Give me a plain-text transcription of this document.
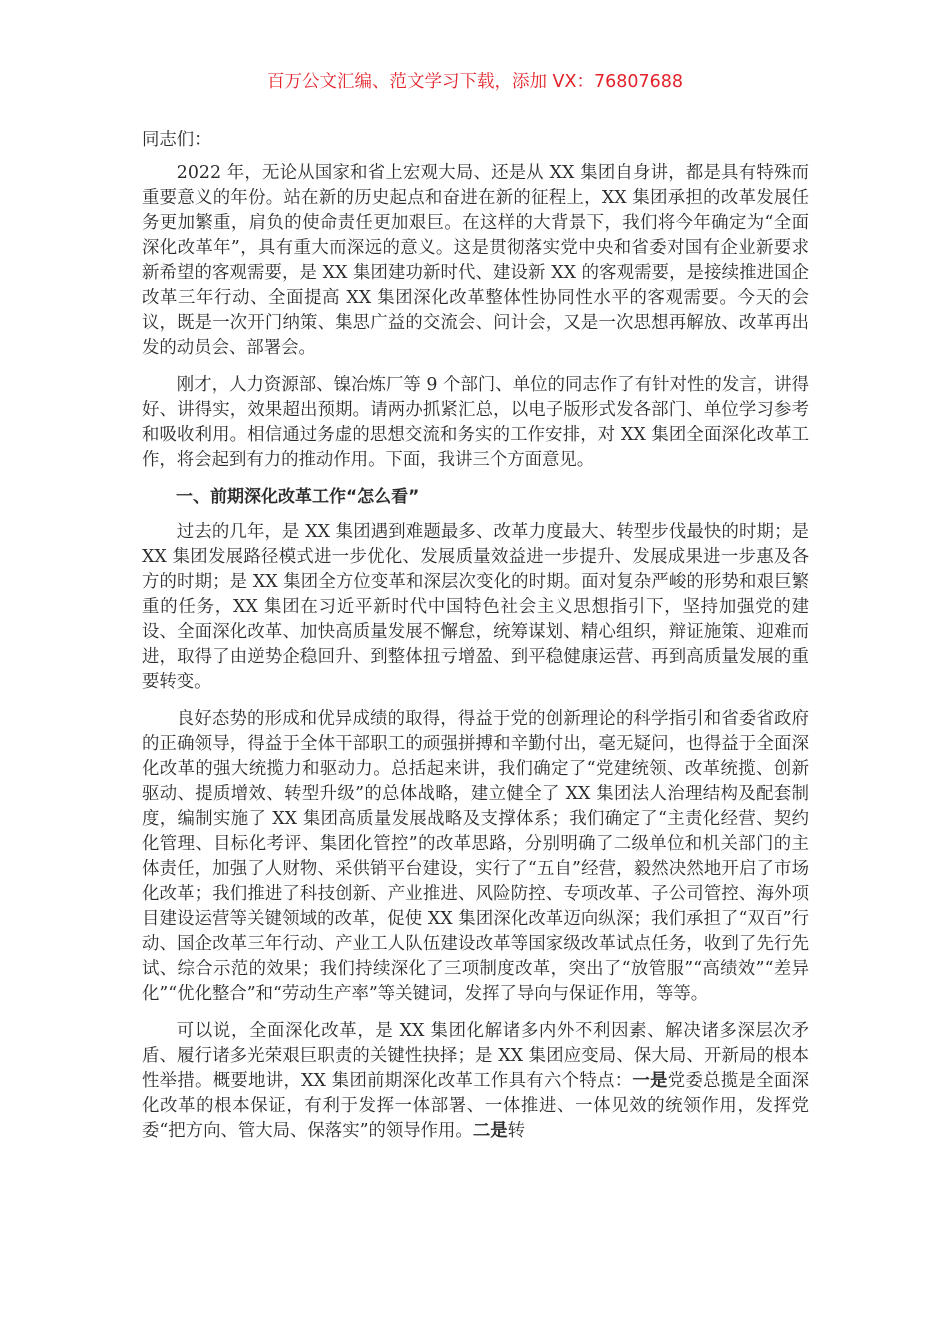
百万公文汇编、范文学习下载，添加 VX：76807688

同志们：

2022 年，无论从国家和省上宏观大局、还是从 XX 集团自身讲，都是具有特殊而重要意义的年份。站在新的历史起点和奋进在新的征程上，XX 集团承担的改革发展任务更加繁重，肩负的使命责任更加艰巨。在这样的大背景下，我们将今年确定为“全面深化改革年”，具有重大而深远的意义。这是贯彻落实党中央和省委对国有企业新要求新希望的客观需要，是 XX 集团建功新时代、建设新 XX 的客观需要，是接续推进国企改革三年行动、全面提高 XX 集团深化改革整体性协同性水平的客观需要。今天的会议，既是一次开门纳策、集思广益的交流会、问计会，又是一次思想再解放、改革再出发的动员会、部署会。

刚才，人力资源部、镍冶炼厂等 9 个部门、单位的同志作了有针对性的发言，讲得好、讲得实，效果超出预期。请两办抓紧汇总，以电子版形式发各部门、单位学习参考和吸收利用。相信通过务虚的思想交流和务实的工作安排，对 XX 集团全面深化改革工作，将会起到有力的推动作用。下面，我讲三个方面意见。

一、前期深化改革工作“怎么看”

过去的几年，是 XX 集团遇到难题最多、改革力度最大、转型步伐最快的时期；是 XX 集团发展路径模式进一步优化、发展质量效益进一步提升、发展成果进一步惠及各方的时期；是 XX 集团全方位变革和深层次变化的时期。面对复杂严峻的形势和艰巨繁重的任务，XX 集团在习近平新时代中国特色社会主义思想指引下，坚持加强党的建设、全面深化改革、加快高质量发展不懈怠，统筹谋划、精心组织，辩证施策、迎难而进，取得了由逆势企稳回升、到整体扭亏增盈、到平稳健康运营、再到高质量发展的重要转变。

良好态势的形成和优异成绩的取得，得益于党的创新理论的科学指引和省委省政府的正确领导，得益于全体干部职工的顽强拼搏和辛勤付出，毫无疑问，也得益于全面深化改革的强大统揽力和驱动力。总括起来讲，我们确定了“党建统领、改革统揽、创新驱动、提质增效、转型升级”的总体战略，建立健全了 XX 集团法人治理结构及配套制度，编制实施了 XX 集团高质量发展战略及支撑体系；我们确定了“主责化经营、契约化管理、目标化考评、集团化管控”的改革思路，分别明确了二级单位和机关部门的主体责任，加强了人财物、采供销平台建设，实行了“五自”经营，毅然决然地开启了市场化改革；我们推进了科技创新、产业推进、风险防控、专项改革、子公司管控、海外项目建设运营等关键领域的改革，促使 XX 集团深化改革迈向纵深；我们承担了“双百”行动、国企改革三年行动、产业工人队伍建设改革等国家级改革试点任务，收到了先行先试、综合示范的效果；我们持续深化了三项制度改革，突出了“放管服”“高绩效”“差异化”“优化整合”和“劳动生产率”等关键词，发挥了导向与保证作用，等等。

可以说，全面深化改革，是 XX 集团化解诸多内外不利因素、解决诸多深层次矛盾、履行诸多光荣艰巨职责的关键性抉择；是 XX 集团应变局、保大局、开新局的根本性举措。概要地讲，XX 集团前期深化改革工作具有六个特点：一是党委总揽是全面深化改革的根本保证，有利于发挥一体部署、一体推进、一体见效的统领作用，发挥党委“把方向、管大局、保落实”的领导作用。二是转
